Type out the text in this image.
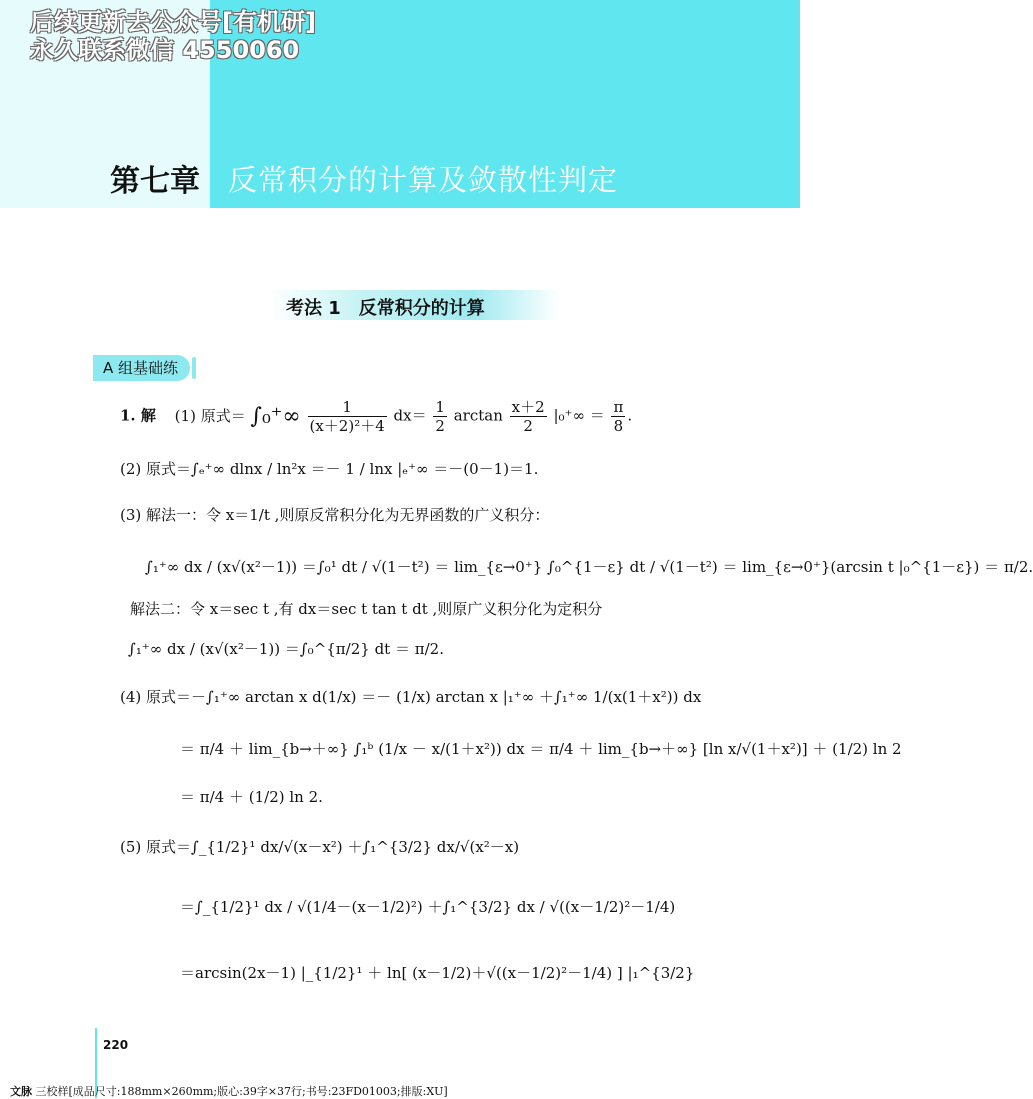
后续更新去公众号[有机研]
永久联系微信 4550060
第七章 反常积分的计算及敛散性判定
考法 1　反常积分的计算
A 组基础练
1. 解 (1) 原式＝ $\int_0^+\infty \frac{1}{\text{(x＋2)²＋4}} dx= \frac{1}{2}$ $\arctan \frac{x+2}{2} |_0^+\infty = \frac{\pi}{8}$ .
(2) 原式＝∫ₑ⁺∞ dlnx / ln²x ＝－ 1 / lnx |ₑ⁺∞ ＝－(0－1)＝1.
(3) 解法一：令 x＝1/t ,则原反常积分化为无界函数的广义积分：
∫₁⁺∞ dx / (x√(x²－1)) ＝∫₀¹ dt / √(1－t²) ＝ lim_{ε→0⁺} ∫₀^{1－ε} dt / √(1－t²) ＝ lim_{ε→0⁺}(arcsin t |₀^{1－ε}) ＝ π/2.
解法二：令 x＝sec t ,有 dx＝sec t tan t dt ,则原广义积分化为定积分
∫₁⁺∞ dx / (x√(x²－1)) ＝∫₀^{π/2} dt ＝ π/2.
(4) 原式＝－∫₁⁺∞ arctan x d(1/x) ＝－ (1/x) arctan x |₁⁺∞ ＋∫₁⁺∞ 1/(x(1＋x²)) dx
＝ π/4 ＋ lim_{b→＋∞} ∫₁ᵇ (1/x － x/(1＋x²)) dx ＝ π/4 ＋ lim_{b→＋∞} [ln x/√(1＋x²)] ＋ (1/2) ln 2
＝ π/4 ＋ (1/2) ln 2.
(5) 原式＝∫_{1/2}¹ dx/√(x－x²) ＋∫₁^{3/2} dx/√(x²－x)
＝∫_{1/2}¹ dx / √(1/4－(x－1/2)²) ＋∫₁^{3/2} dx / √((x－1/2)²－1/4)
＝arcsin(2x－1) |_{1/2}¹ ＋ ln[ (x－1/2)＋√((x－1/2)²－1/4) ] |₁^{3/2}
220
文脉 三校样[成品尺寸:188mm×260mm;版心:39字×37行;书号:23FD01003;排版:XU]
